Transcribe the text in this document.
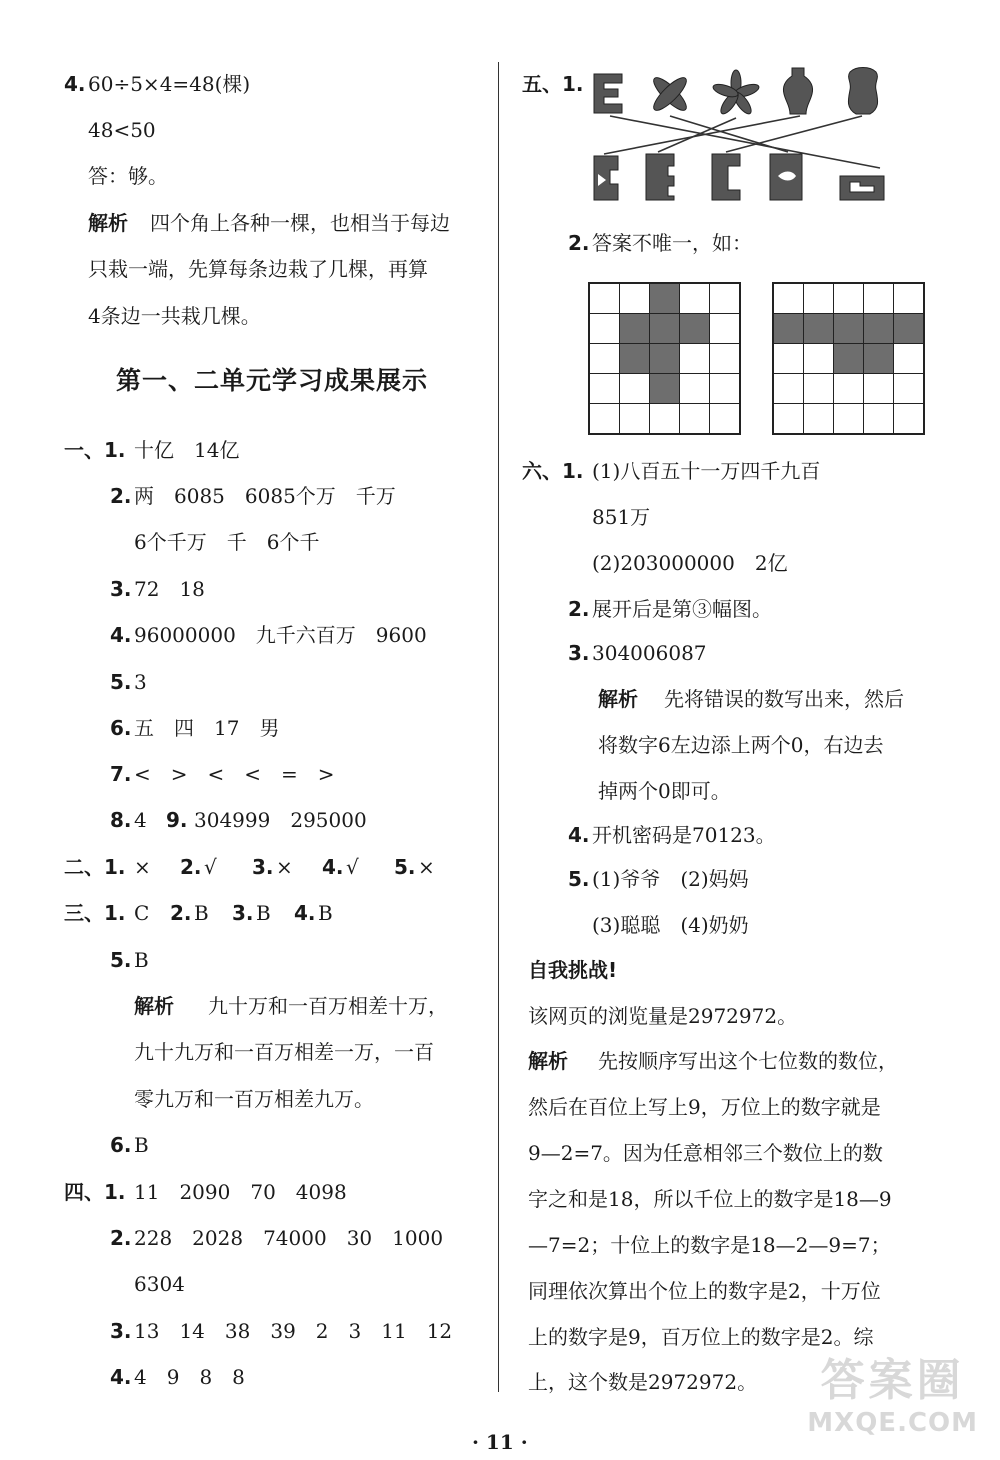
4. 60÷5×4=48(棵)
48<50
答：够。
解析 四个角上各种一棵，也相当于每边
只栽一端，先算每条边栽了几棵，再算
4条边一共栽几棵。
第一、二单元学习成果展示
一、1. 十亿　14亿
2. 两　6085　6085个万　千万
6个千万　千　6个千
3. 72　18
4. 96000000　九千六百万　9600
5. 3
6. 五　四　17　男
7. <　>　<　<　=　>
8. 4 9. 304999　295000
二、1. × 2. √ 3. × 4. √ 5. ×
三、1. C 2. B 3. B 4. B
5. B
解析 九十万和一百万相差十万，
九十九万和一百万相差一万，一百
零九万和一百万相差九万。
6. B
四、1. 11　2090　70　4098
2. 228　2028　74000　30　1000
6304
3. 13　14　38　39　2　3　11　12
4. 4　9　8　8
五、1.
2. 答案不唯一，如：
六、1. (1)八百五十一万四千九百
851万
(2)203000000　2亿
2. 展开后是第③幅图。
3. 304006087
解析 先将错误的数写出来，然后
将数字6左边添上两个0，右边去
掉两个0即可。
4. 开机密码是70123。
5. (1)爷爷　(2)妈妈
(3)聪聪　(4)奶奶
自我挑战!
该网页的浏览量是2972972。
解析 先按顺序写出这个七位数的数位，
然后在百位上写上9，万位上的数字就是
9—2=7。因为任意相邻三个数位上的数
字之和是18，所以千位上的数字是18—9
—7=2；十位上的数字是18—2—9=7；
同理依次算出个位上的数字是2，十万位
上的数字是9，百万位上的数字是2。综
上，这个数是2972972。
· 11 ·
答案圈
MXQE.COM
